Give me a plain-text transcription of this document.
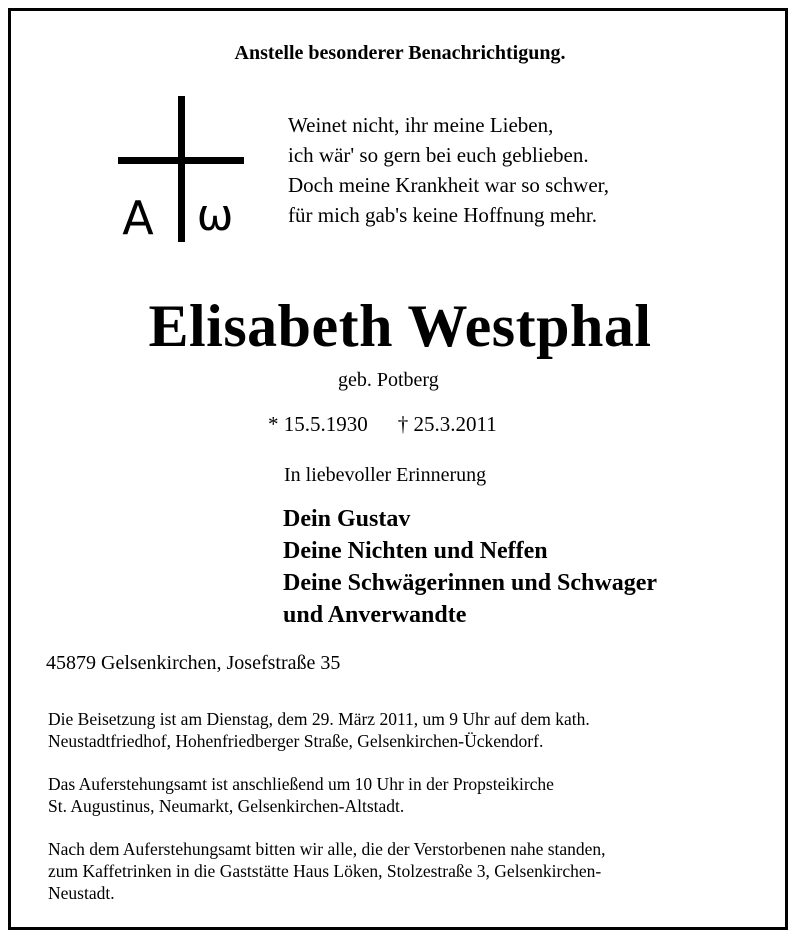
Anstelle besonderer Benachrichtigung.
A ω
Weinet nicht, ihr meine Lieben,
ich wär' so gern bei euch geblieben.
Doch meine Krankheit war so schwer,
für mich gab's keine Hoffnung mehr.
Elisabeth Westphal
geb. Potberg
* 15.5.1930 † 25.3.2011
In liebevoller Erinnerung
Dein Gustav
Deine Nichten und Neffen
Deine Schwägerinnen und Schwager
und Anverwandte
45879 Gelsenkirchen, Josefstraße 35
Die Beisetzung ist am Dienstag, dem 29. März 2011, um 9 Uhr auf dem kath.
Neustadtfriedhof, Hohenfriedberger Straße, Gelsenkirchen-Ückendorf.
Das Auferstehungsamt ist anschließend um 10 Uhr in der Propsteikirche
St. Augustinus, Neumarkt, Gelsenkirchen-Altstadt.
Nach dem Auferstehungsamt bitten wir alle, die der Verstorbenen nahe standen,
zum Kaffetrinken in die Gaststätte Haus Löken, Stolzestraße 3, Gelsenkirchen-
Neustadt.
